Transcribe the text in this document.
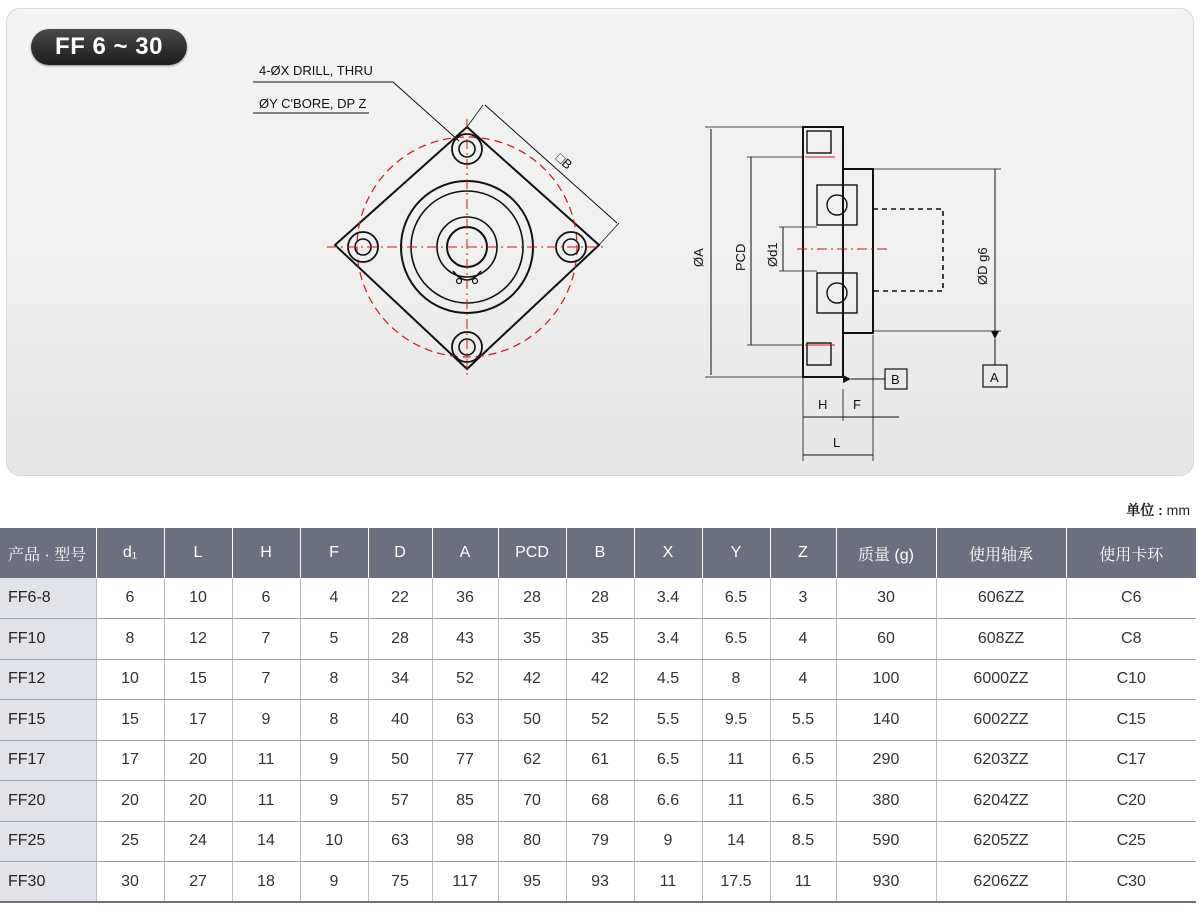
FF 6 ~ 30
4-ØX DRILL, THRU
ØY C'BORE, DP Z
□B
ØA PCD Ød1	ØD g6
A
B
H F
L
单位 : mm
产品 · 型号	d₁	L	H	F	D	A	PCD	B	X	Y	Z	质量 (g)	使用轴承	使用卡环
FF6-8	6	10	6	4	22	36	28	28	3.4	6.5	3	30	606ZZ	C6
FF10	8	12	7	5	28	43	35	35	3.4	6.5	4	60	608ZZ	C8
FF12	10	15	7	8	34	52	42	42	4.5	8	4	100	6000ZZ	C10
FF15	15	17	9	8	40	63	50	52	5.5	9.5	5.5	140	6002ZZ	C15
FF17	17	20	11	9	50	77	62	61	6.5	11	6.5	290	6203ZZ	C17
FF20	20	20	11	9	57	85	70	68	6.6	11	6.5	380	6204ZZ	C20
FF25	25	24	14	10	63	98	80	79	9	14	8.5	590	6205ZZ	C25
FF30	30	27	18	9	75	117	95	93	11	17.5	11	930	6206ZZ	C30
